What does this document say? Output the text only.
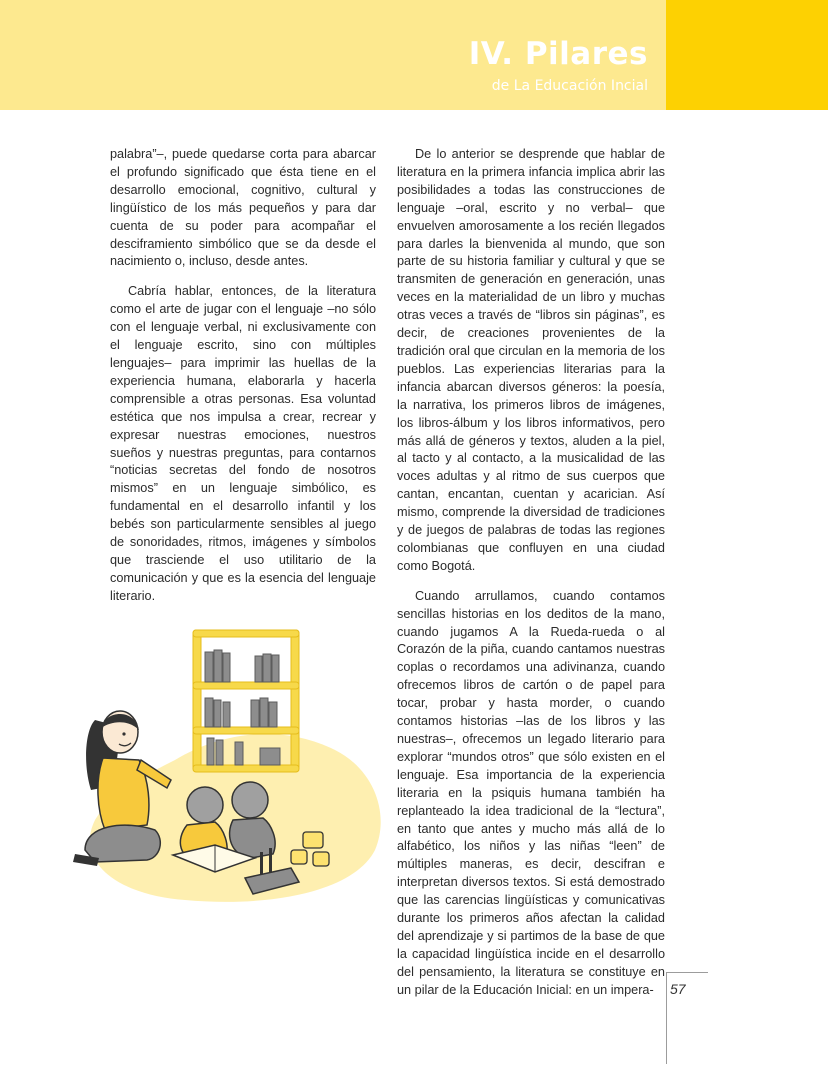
IV. Pilares
de La Educación Incial

palabra”–, puede quedarse corta para abarcar el profundo significado que ésta tiene en el desarrollo emocional, cognitivo, cultural y lingüístico de los más pequeños y para dar cuenta de su poder para acompañar el desciframiento simbólico que se da desde el nacimiento o, incluso, desde antes.

Cabría hablar, entonces, de la literatura como el arte de jugar con el lenguaje –no sólo con el lenguaje verbal, ni exclusivamente con el lenguaje escrito, sino con múltiples lenguajes– para imprimir las huellas de la experiencia humana, elaborarla y hacerla comprensible a otras personas. Esa voluntad estética que nos impulsa a crear, recrear y expresar nuestras emociones, nuestros sueños y nuestras preguntas, para contarnos “noticias secretas del fondo de nosotros mismos” en un lenguaje simbólico, es fundamental en el desarrollo infantil y los bebés son particularmente sensibles al juego de sonoridades, ritmos, imágenes y símbolos que trasciende el uso utilitario de la comunicación y que es la esencia del lenguaje literario.

De lo anterior se desprende que hablar de literatura en la primera infancia implica abrir las posibilidades a todas las construcciones de lenguaje –oral, escrito y no verbal– que envuelven amorosamente a los recién llegados para darles la bienvenida al mundo, que son parte de su historia familiar y cultural y que se transmiten de generación en generación, unas veces en la materialidad de un libro y muchas otras veces a través de “libros sin páginas”, es decir, de creaciones provenientes de la tradición oral que circulan en la memoria de los pueblos. Las experiencias literarias para la infancia abarcan diversos géneros: la poesía, la narrativa, los primeros libros de imágenes, los libros-álbum y los libros informativos, pero más allá de géneros y textos, aluden a la piel, al tacto y al contacto, a la musicalidad de las voces adultas y al ritmo de sus cuerpos que cantan, encantan, cuentan y acarician. Así mismo, comprende la diversidad de tradiciones y de juegos de palabras de todas las regiones colombianas que confluyen en una ciudad como Bogotá.

Cuando arrullamos, cuando contamos sencillas historias en los deditos de la mano, cuando jugamos A la Rueda-rueda o al Corazón de la piña, cuando cantamos nuestras coplas o recordamos una adivinanza, cuando ofrecemos libros de cartón o de papel para tocar, probar y hasta morder, o cuando contamos historias –las de los libros y las nuestras–, ofrecemos un legado literario para explorar “mundos otros” que sólo existen en el lenguaje. Esa importancia de la experiencia literaria en la psiquis humana también ha replanteado la idea tradicional de la “lectura”, en tanto que antes y mucho más allá de lo alfabético, los niños y las niñas “leen” de múltiples maneras, es decir, descifran e interpretan diversos textos. Si está demostrado que las carencias lingüísticas y comunicativas durante los primeros años afectan la calidad del aprendizaje y si partimos de la base de que la capacidad lingüística incide en el desarrollo del pensamiento, la literatura se constituye en un pilar de la Educación Inicial: en un impera-	57
